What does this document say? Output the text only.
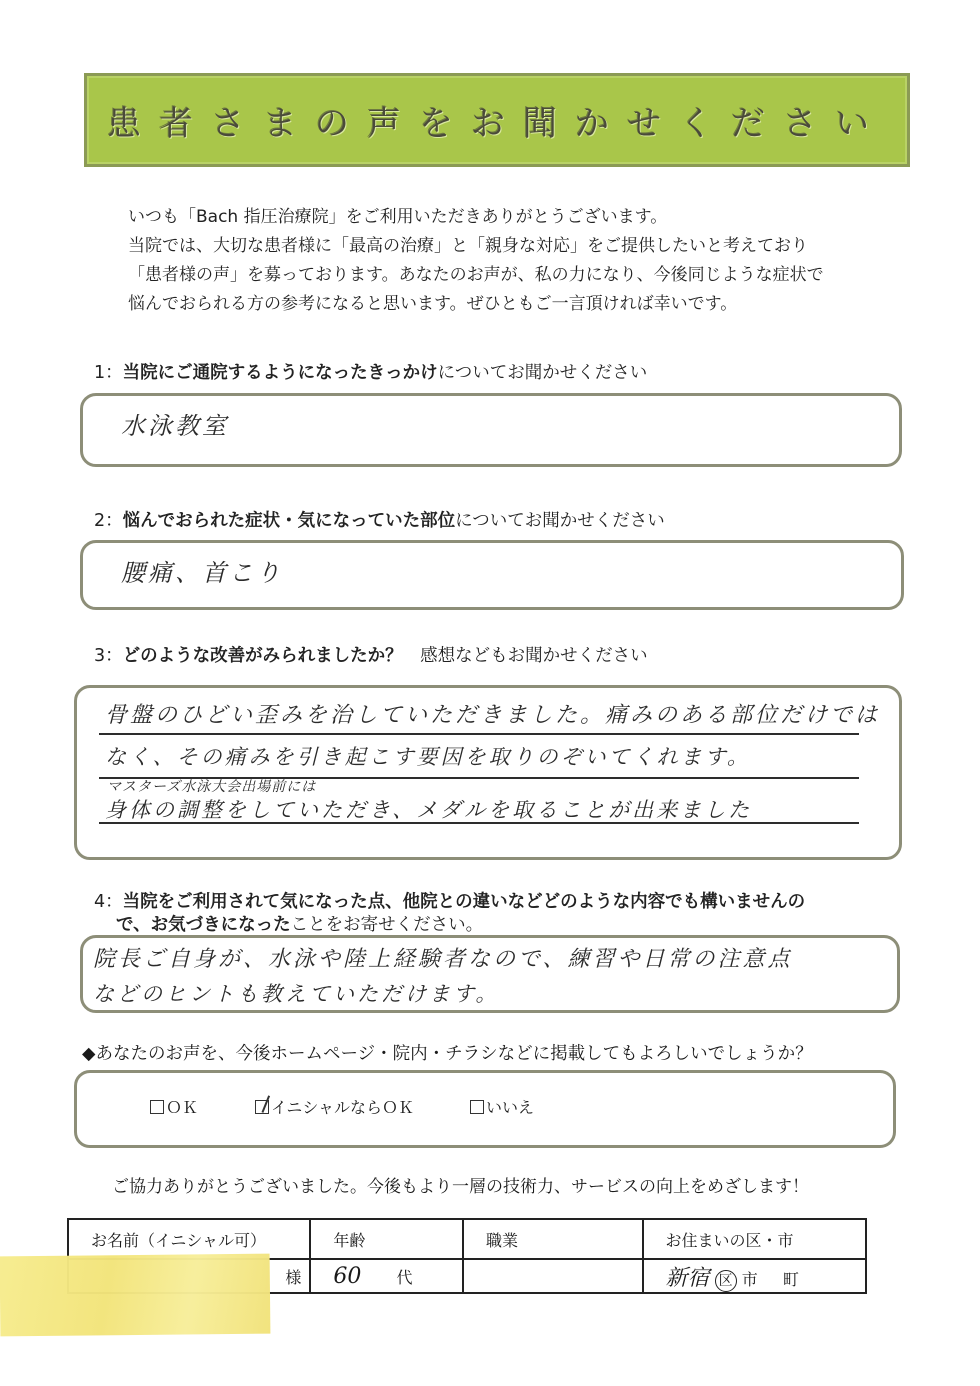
患者さまの声をお聞かせください

いつも「Bach 指圧治療院」をご利用いただきありがとうございます。

当院では、大切な患者様に「最高の治療」と「親身な対応」をご提供したいと考えており

「患者様の声」を募っております。あなたのお声が、私の力になり、今後同じような症状で

悩んでおられる方の参考になると思います。ぜひともご一言頂ければ幸いです。

1：当院にご通院するようになったきっかけについてお聞かせください
水泳教室
2：悩んでおられた症状・気になっていた部位についてお聞かせください
腰痛、首こり
3：どのような改善がみられましたか？　感想などもお聞かせください
骨盤のひどい歪みを治していただきました。痛みのある部位だけでは
なく、その痛みを引き起こす要因を取りのぞいてくれます。
マスターズ水泳大会出場前には
身体の調整をしていただき、メダルを取ることが出来ました
4：当院をご利用されて気になった点、他院との違いなどどのような内容でも構いませんの
で、お気づきになったことをお寄せください。
院長ご自身が、水泳や陸上経験者なので、練習や日常の注意点
などのヒントも教えていただけます。
◆あなたのお声を、今後ホームページ・院内・チラシなどに掲載してもよろしいでしょうか？
ＯＫ	イニシャルならＯＫ	いいえ
ご協力ありがとうございました。今後もより一層の技術力、サービスの向上をめざします！
お名前（イニシャル可）	年齢	職業	お住まいの区・市

様	60 代		新宿 区 市 町
